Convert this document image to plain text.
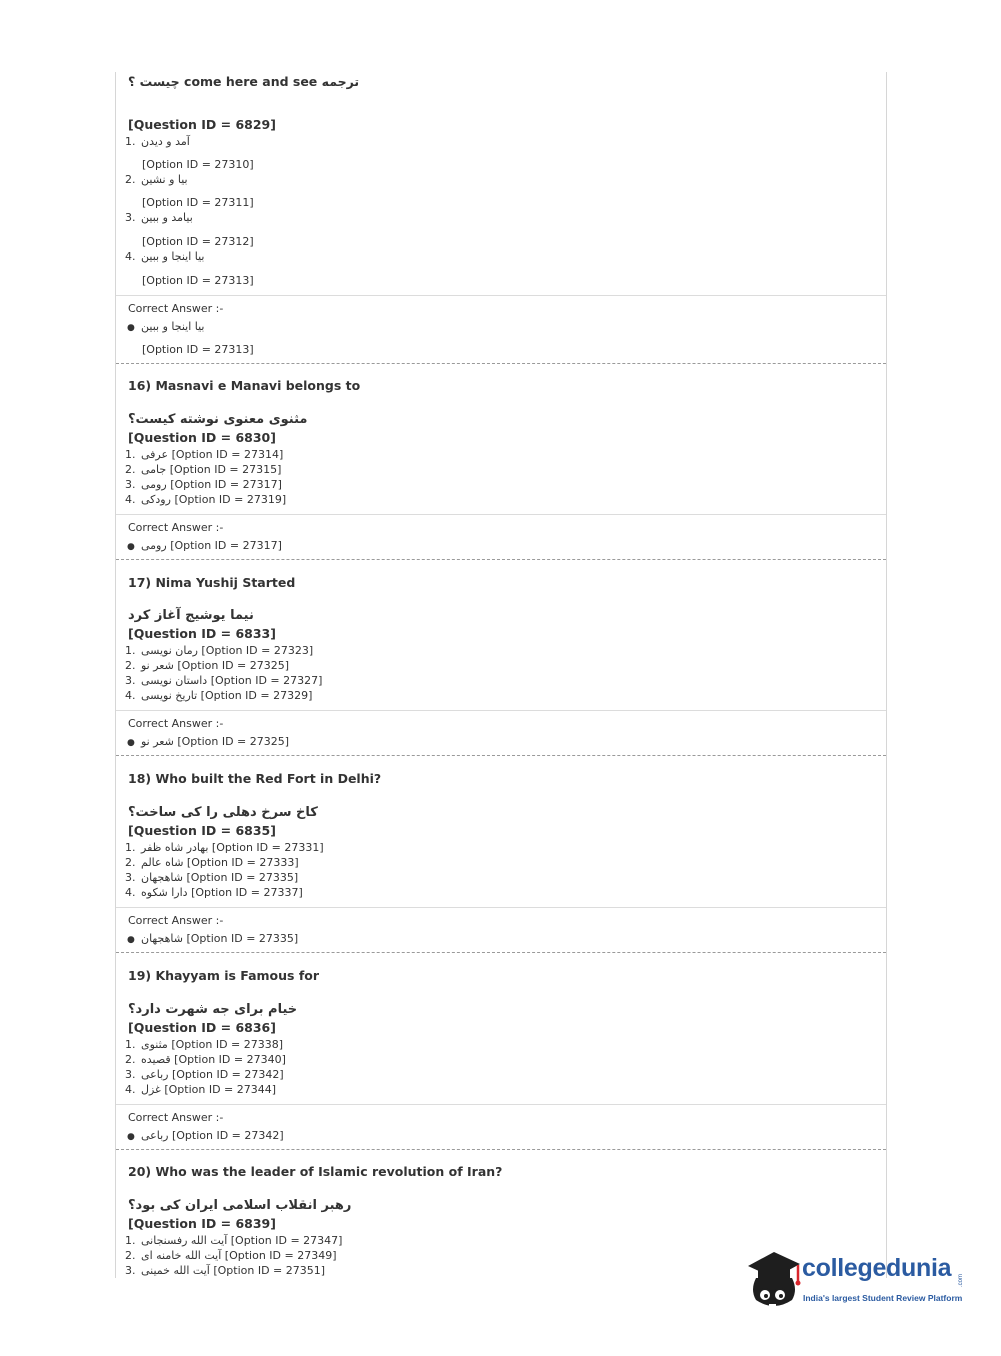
چیست ؟ come here and see ترجمه
[Question ID = 6829]
1. آمد و دیدن
[Option ID = 27310]
2. بیا و نشین
[Option ID = 27311]
3. بیامد و ببین
[Option ID = 27312]
4. بیا اینجا و ببین
[Option ID = 27313]
Correct Answer :-
● بیا اینجا و ببین
[Option ID = 27313]
16) Masnavi e Manavi belongs to
مثنوی معنوی نوشته کیست؟
[Question ID = 6830]
1. عرفی [Option ID = 27314]
2. جامی [Option ID = 27315]
3. رومی [Option ID = 27317]
4. رودکی [Option ID = 27319]
Correct Answer :-
● رومی [Option ID = 27317]
17) Nima Yushij Started
نیما یوشیج آغاز کرد
[Question ID = 6833]
1. رمان نویسی [Option ID = 27323]
2. شعر نو [Option ID = 27325]
3. داستان نویسی [Option ID = 27327]
4. تاریخ نویسی [Option ID = 27329]
Correct Answer :-
● شعر نو [Option ID = 27325]
18) Who built the Red Fort in Delhi?
کاخ سرخ دهلی را کی ساخت؟
[Question ID = 6835]
1. بهادر شاه ظفر [Option ID = 27331]
2. شاه عالم [Option ID = 27333]
3. شاهجهان [Option ID = 27335]
4. دارا شکوه [Option ID = 27337]
Correct Answer :-
● شاهجهان [Option ID = 27335]
19) Khayyam is Famous for
خیام برای جه شهرت دارد؟
[Question ID = 6836]
1. مثنوی [Option ID = 27338]
2. قصیده [Option ID = 27340]
3. رباعی [Option ID = 27342]
4. غزل [Option ID = 27344]
Correct Answer :-
● رباعی [Option ID = 27342]
20) Who was the leader of Islamic revolution of Iran?
رهبر انقلاب اسلامی ایران کی بود؟
[Question ID = 6839]
1. آیت الله رفسنجانی [Option ID = 27347]
2. آیت الله خامنه ای [Option ID = 27349]
3. آیت الله خمینی [Option ID = 27351]	collegedunia .com
India's largest Student Review Platform
